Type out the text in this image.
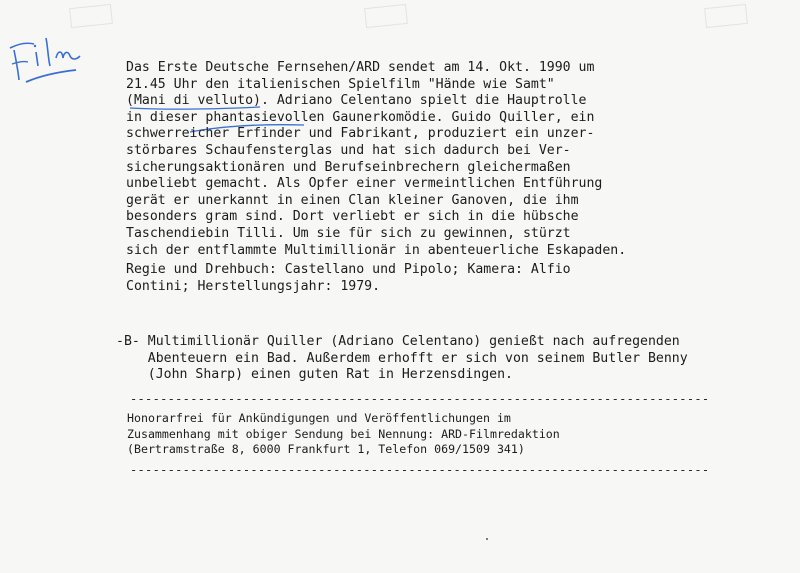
Das Erste Deutsche Fernsehen/ARD sendet am 14. Okt. 1990 um
21.45 Uhr den italienischen Spielfilm "Hände wie Samt"
(Mani di velluto). Adriano Celentano spielt die Hauptrolle
in dieser phantasievollen Gaunerkomödie. Guido Quiller, ein
schwerreicher Erfinder und Fabrikant, produziert ein unzer-
störbares Schaufensterglas und hat sich dadurch bei Ver-
sicherungsaktionären und Berufseinbrechern gleichermaßen
unbeliebt gemacht. Als Opfer einer vermeintlichen Entführung
gerät er unerkannt in einen Clan kleiner Ganoven, die ihm
besonders gram sind. Dort verliebt er sich in die hübsche
Taschendiebin Tilli. Um sie für sich zu gewinnen, stürzt
sich der entflammte Multimillionär in abenteuerliche Eskapaden.
Regie und Drehbuch: Castellano und Pipolo; Kamera: Alfio
Contini; Herstellungsjahr: 1979.
-B- Multimillionär Quiller (Adriano Celentano) genießt nach aufregenden
Abenteuern ein Bad. Außerdem erhofft er sich von seinem Butler Benny
(John Sharp) einen guten Rat in Herzensdingen.
-----------------------------------------------------------------------------
Honorarfrei für Ankündigungen und Veröffentlichungen im
Zusammenhang mit obiger Sendung bei Nennung: ARD-Filmredaktion
(Bertramstraße 8, 6000 Frankfurt 1, Telefon 069/1509 341)
-----------------------------------------------------------------------------
